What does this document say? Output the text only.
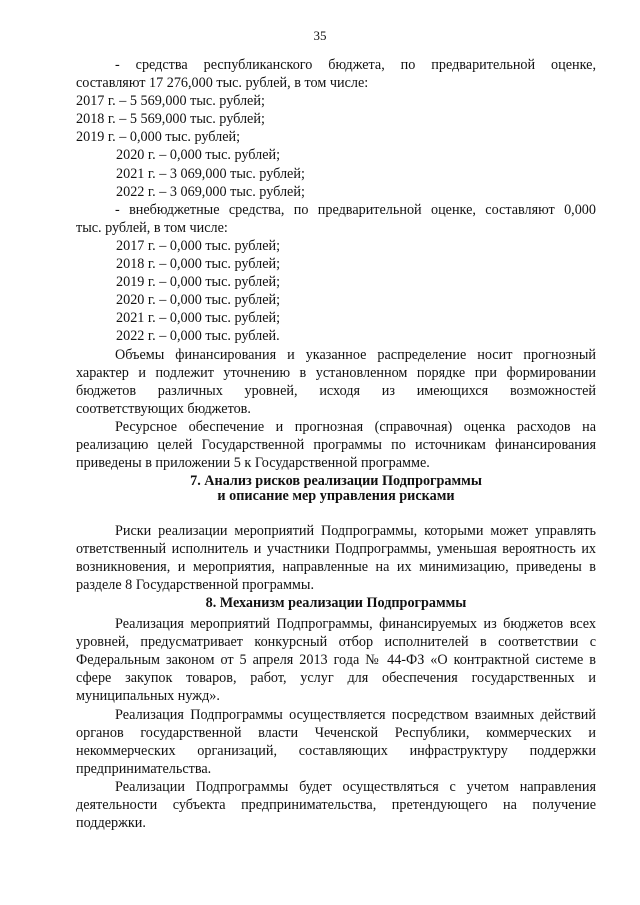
35

- средства республиканского бюджета, по предварительной оценке,

составляют 17 276,000 тыс. рублей, в том числе:

2017 г. – 5 569,000 тыс. рублей;

2018 г. – 5 569,000 тыс. рублей;

2019 г. – 0,000 тыс. рублей;

2020 г. – 0,000 тыс. рублей;

2021 г. – 3 069,000 тыс. рублей;

2022 г. – 3 069,000 тыс. рублей;

- внебюджетные средства, по предварительной оценке, составляют 0,000

тыс. рублей, в том числе:

2017 г. – 0,000 тыс. рублей;

2018 г. – 0,000 тыс. рублей;

2019 г. – 0,000 тыс. рублей;

2020 г. – 0,000 тыс. рублей;

2021 г. – 0,000 тыс. рублей;

2022 г. – 0,000 тыс. рублей.

Объемы финансирования и указанное распределение носит прогнозный характер и подлежит уточнению в установленном порядке при формировании бюджетов различных уровней, исходя из имеющихся возможностей соответствующих бюджетов.

Ресурсное обеспечение и прогнозная (справочная) оценка расходов на реализацию целей Государственной программы по источникам финансирования приведены в приложении 5 к Государственной программе.

7. Анализ рисков реализации Подпрограммы
и описание мер управления рисками

Риски реализации мероприятий Подпрограммы, которыми может управлять ответственный исполнитель и участники Подпрограммы, уменьшая вероятность их возникновения, и мероприятия, направленные на их минимизацию, приведены в разделе 8 Государственной программы.

8. Механизм реализации Подпрограммы

Реализация мероприятий Подпрограммы, финансируемых из бюджетов всех уровней, предусматривает конкурсный отбор исполнителей в соответствии с Федеральным законом от 5 апреля 2013 года № 44-ФЗ «О контрактной системе в сфере закупок товаров, работ, услуг для обеспечения государственных и муниципальных нужд».

Реализация Подпрограммы осуществляется посредством взаимных действий органов государственной власти Чеченской Республики, коммерческих и некоммерческих организаций, составляющих инфраструктуру поддержки предпринимательства.

Реализации Подпрограммы будет осуществляться с учетом направления деятельности субъекта предпринимательства, претендующего на получение поддержки.
